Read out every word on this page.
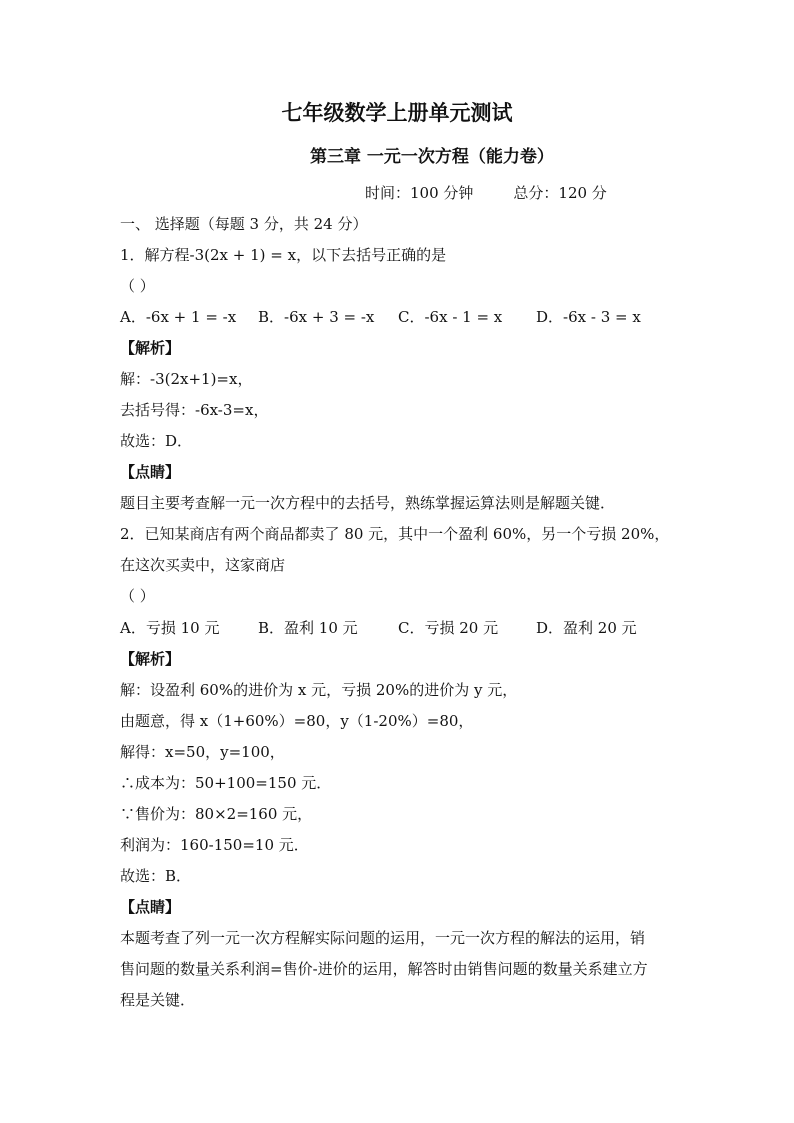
七年级数学上册单元测试
第三章 一元一次方程（能力卷）
时间：100 分钟	总分：120 分
一、 选择题（每题 3 分，共 24 分）
1．解方程-3(2x + 1) = x，以下去括号正确的是
（ ）
A．-6x + 1 = -x B．-6x + 3 = -x C．-6x - 1 = x D．-6x - 3 = x
【解析】
解：-3(2x+1)=x，
去括号得：-6x-3=x，
故选：D．
【点睛】
题目主要考查解一元一次方程中的去括号，熟练掌握运算法则是解题关键．
2．已知某商店有两个商品都卖了 80 元，其中一个盈利 60%，另一个亏损 20%，
在这次买卖中，这家商店
（ ）
A．亏损 10 元	B．盈利 10 元	C．亏损 20 元	D．盈利 20 元
【解析】
解：设盈利 60%的进价为 x 元，亏损 20%的进价为 y 元，
由题意，得 x（1+60%）=80，y（1-20%）=80，
解得：x=50，y=100，
∴成本为：50+100=150 元．
∵售价为：80×2=160 元，
利润为：160-150=10 元．
故选：B．
【点睛】
本题考查了列一元一次方程解实际问题的运用，一元一次方程的解法的运用，销
售问题的数量关系利润=售价-进价的运用，解答时由销售问题的数量关系建立方
程是关键．
